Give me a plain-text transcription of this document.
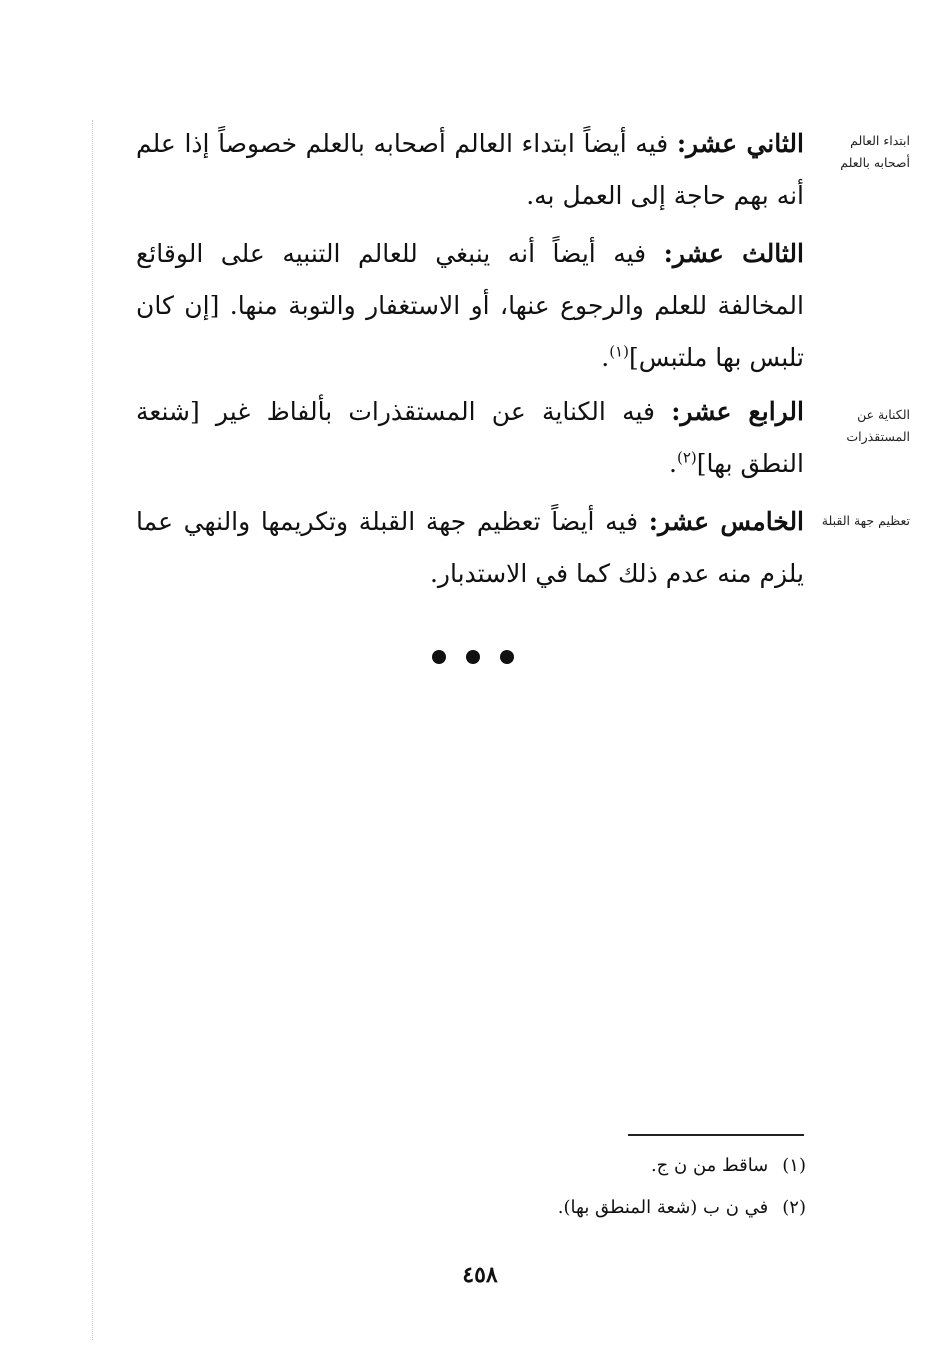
ابتداء العالم أصحابه بالعلم
الكناية عن المستقذرات
تعظيم جهة القبلة
الثاني عشر: فيه أيضاً ابتداء العالم أصحابه بالعلم خصوصاً إذا علم أنه بهم حاجة إلى العمل به.
الثالث عشر: فيه أيضاً أنه ينبغي للعالم التنبيه على الوقائع المخالفة للعلم والرجوع عنها، أو الاستغفار والتوبة منها. [إن كان تلبس بها ملتبس]$^{(١)}$.
الرابع عشر: فيه الكناية عن المستقذرات بألفاظ غير [شنعة النطق بها]$^{(٢)}$.
الخامس عشر: فيه أيضاً تعظيم جهة القبلة وتكريمها والنهي عما يلزم منه عدم ذلك كما في الاستدبار.
(١)ساقط من ن ج.
(٢)في ن ب (شعة المنطق بها).
٤٥٨
